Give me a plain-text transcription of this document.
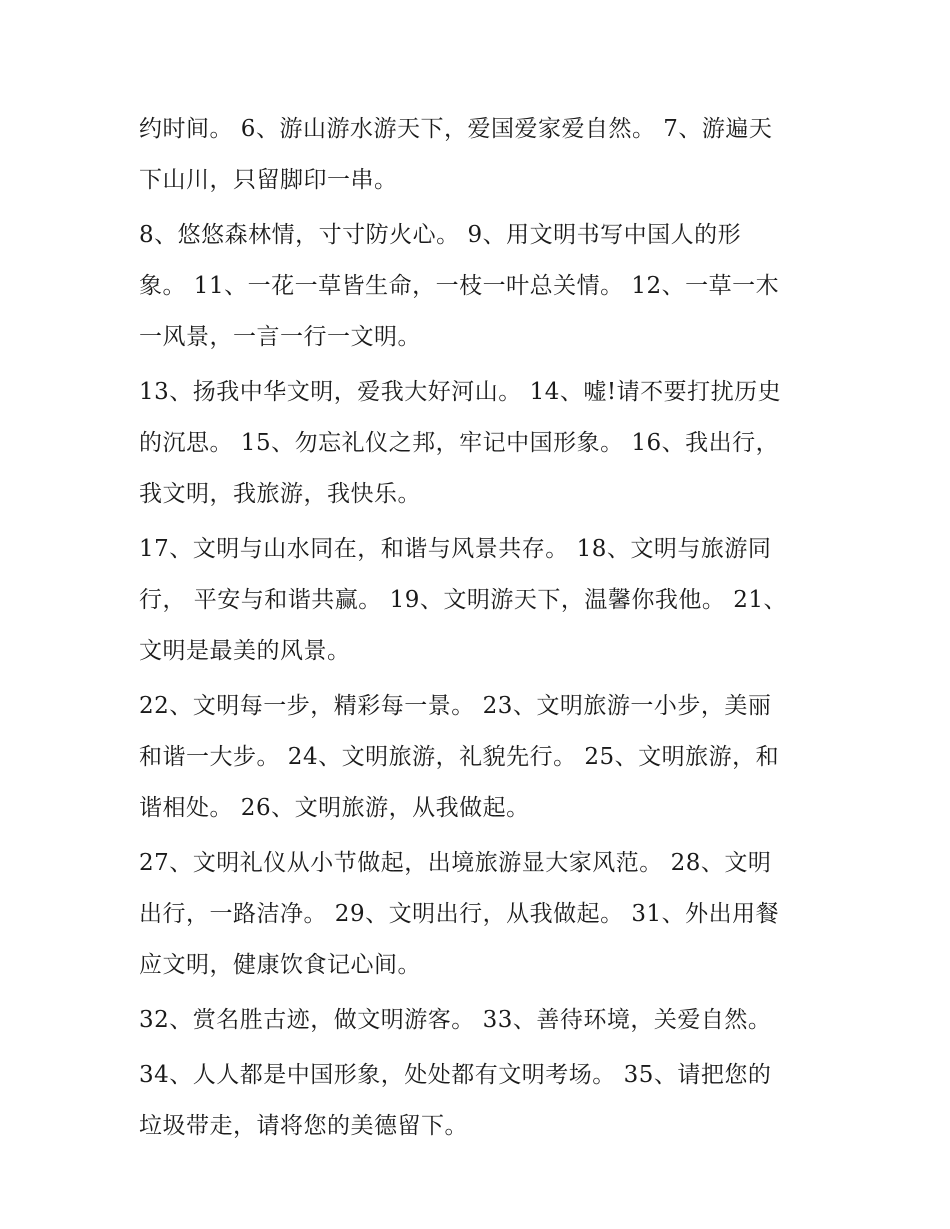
约时间。 6、游山游水游天下，爱国爱家爱自然。 7、游遍天
下山川，只留脚印一串。
8、悠悠森林情，寸寸防火心。 9、用文明书写中国人的形
象。 11、一花一草皆生命，一枝一叶总关情。 12、一草一木
一风景，一言一行一文明。
13、扬我中华文明，爱我大好河山。 14、嘘!请不要打扰历史
的沉思。 15、勿忘礼仪之邦，牢记中国形象。 16、我出行，
我文明，我旅游，我快乐。
17、文明与山水同在，和谐与风景共存。 18、文明与旅游同
行， 平安与和谐共赢。 19、文明游天下，温馨你我他。 21、
文明是最美的风景。
22、文明每一步，精彩每一景。 23、文明旅游一小步，美丽
和谐一大步。 24、文明旅游，礼貌先行。 25、文明旅游，和
谐相处。 26、文明旅游，从我做起。
27、文明礼仪从小节做起，出境旅游显大家风范。 28、文明
出行，一路洁净。 29、文明出行，从我做起。 31、外出用餐
应文明，健康饮食记心间。
32、赏名胜古迹，做文明游客。 33、善待环境，关爱自然。
34、人人都是中国形象，处处都有文明考场。 35、请把您的
垃圾带走，请将您的美德留下。
